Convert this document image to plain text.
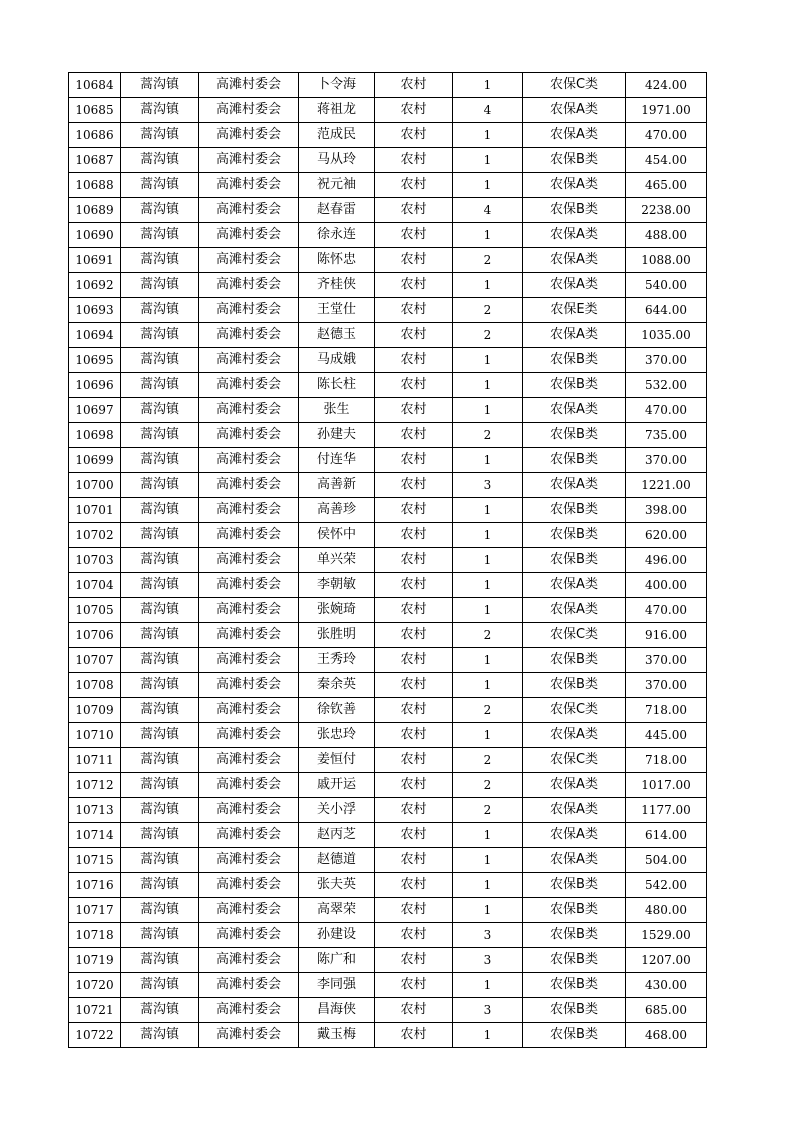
10684	蒿沟镇	高滩村委会	卜令海	农村	1	农保C类	424.00
10685	蒿沟镇	高滩村委会	蒋祖龙	农村	4	农保A类	1971.00
10686	蒿沟镇	高滩村委会	范成民	农村	1	农保A类	470.00
10687	蒿沟镇	高滩村委会	马从玲	农村	1	农保B类	454.00
10688	蒿沟镇	高滩村委会	祝元袖	农村	1	农保A类	465.00
10689	蒿沟镇	高滩村委会	赵春雷	农村	4	农保B类	2238.00
10690	蒿沟镇	高滩村委会	徐永连	农村	1	农保A类	488.00
10691	蒿沟镇	高滩村委会	陈怀忠	农村	2	农保A类	1088.00
10692	蒿沟镇	高滩村委会	齐桂侠	农村	1	农保A类	540.00
10693	蒿沟镇	高滩村委会	王堂仕	农村	2	农保E类	644.00
10694	蒿沟镇	高滩村委会	赵德玉	农村	2	农保A类	1035.00
10695	蒿沟镇	高滩村委会	马成娥	农村	1	农保B类	370.00
10696	蒿沟镇	高滩村委会	陈长柱	农村	1	农保B类	532.00
10697	蒿沟镇	高滩村委会	张生	农村	1	农保A类	470.00
10698	蒿沟镇	高滩村委会	孙建夫	农村	2	农保B类	735.00
10699	蒿沟镇	高滩村委会	付连华	农村	1	农保B类	370.00
10700	蒿沟镇	高滩村委会	高善新	农村	3	农保A类	1221.00
10701	蒿沟镇	高滩村委会	高善珍	农村	1	农保B类	398.00
10702	蒿沟镇	高滩村委会	侯怀中	农村	1	农保B类	620.00
10703	蒿沟镇	高滩村委会	单兴荣	农村	1	农保B类	496.00
10704	蒿沟镇	高滩村委会	李朝敏	农村	1	农保A类	400.00
10705	蒿沟镇	高滩村委会	张婉琦	农村	1	农保A类	470.00
10706	蒿沟镇	高滩村委会	张胜明	农村	2	农保C类	916.00
10707	蒿沟镇	高滩村委会	王秀玲	农村	1	农保B类	370.00
10708	蒿沟镇	高滩村委会	秦余英	农村	1	农保B类	370.00
10709	蒿沟镇	高滩村委会	徐钦善	农村	2	农保C类	718.00
10710	蒿沟镇	高滩村委会	张忠玲	农村	1	农保A类	445.00
10711	蒿沟镇	高滩村委会	姜恒付	农村	2	农保C类	718.00
10712	蒿沟镇	高滩村委会	戚开运	农村	2	农保A类	1017.00
10713	蒿沟镇	高滩村委会	关小浮	农村	2	农保A类	1177.00
10714	蒿沟镇	高滩村委会	赵丙芝	农村	1	农保A类	614.00
10715	蒿沟镇	高滩村委会	赵德道	农村	1	农保A类	504.00
10716	蒿沟镇	高滩村委会	张夫英	农村	1	农保B类	542.00
10717	蒿沟镇	高滩村委会	高翠荣	农村	1	农保B类	480.00
10718	蒿沟镇	高滩村委会	孙建设	农村	3	农保B类	1529.00
10719	蒿沟镇	高滩村委会	陈广和	农村	3	农保B类	1207.00
10720	蒿沟镇	高滩村委会	李同强	农村	1	农保B类	430.00
10721	蒿沟镇	高滩村委会	昌海侠	农村	3	农保B类	685.00
10722	蒿沟镇	高滩村委会	戴玉梅	农村	1	农保B类	468.00
